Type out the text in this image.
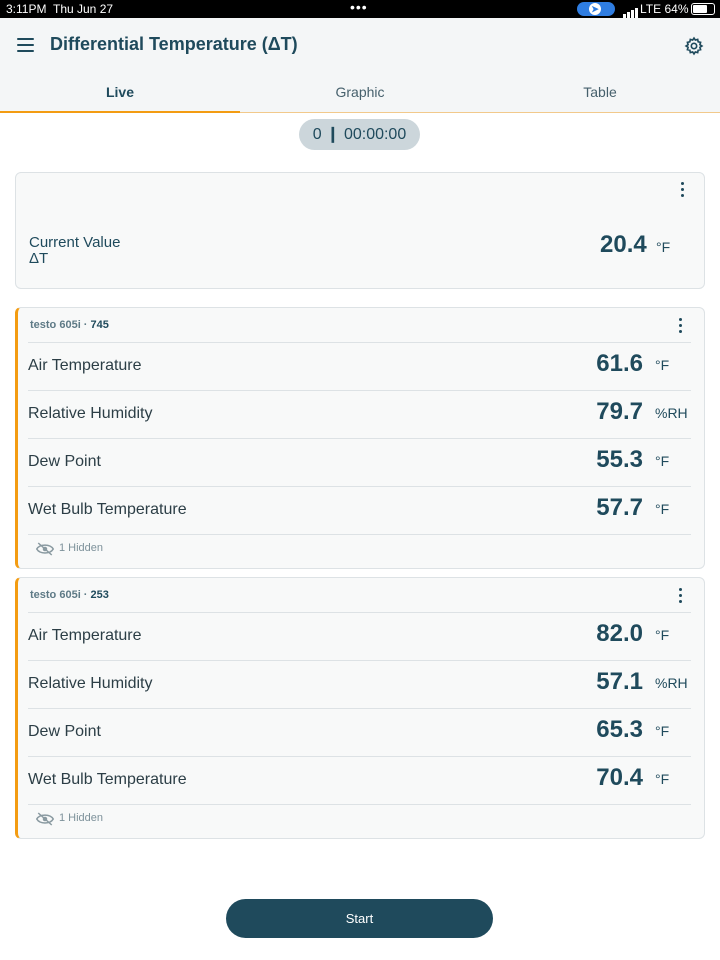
3:11PM Thu Jun 27	•••	➤	LTE 64%
Differential Temperature (ΔT)
Live	Graphic	Table
0 ❙ 00:00:00
Current Value
ΔT
20.4 °F
testo 605i · 745
Air Temperature	61.6 °F
Relative Humidity	79.7 %RH
Dew Point	55.3 °F
Wet Bulb Temperature	57.7 °F
1 Hidden
testo 605i · 253
Air Temperature	82.0 °F
Relative Humidity	57.1 %RH
Dew Point	65.3 °F
Wet Bulb Temperature	70.4 °F
1 Hidden
Start
